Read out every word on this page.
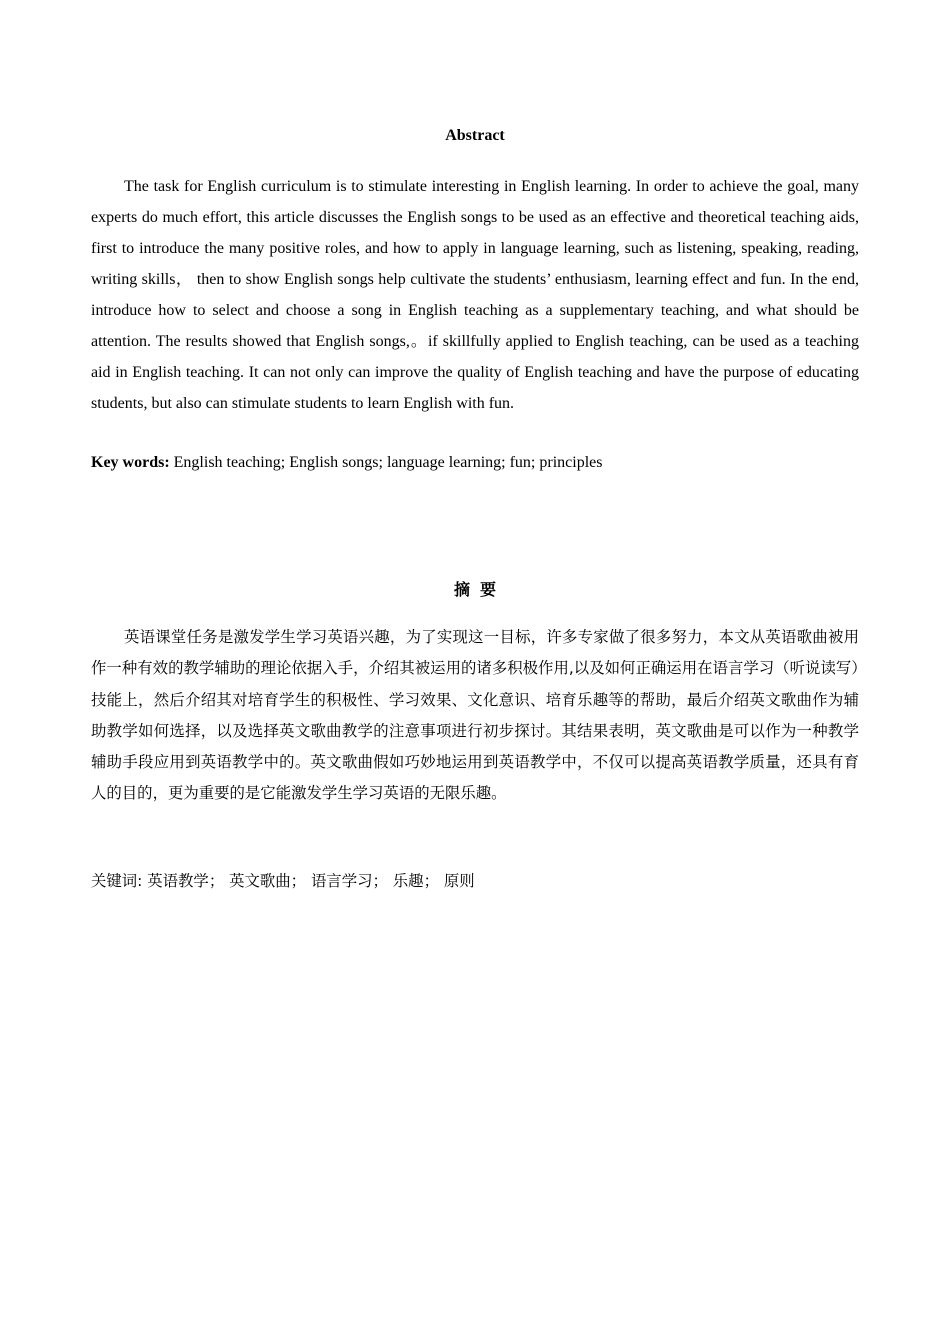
Abstract

The task for English curriculum is to stimulate interesting in English learning. In order to achieve the goal, many experts do much effort, this article discusses the English songs to be used as an effective and theoretical teaching aids, first to introduce the many positive roles, and how to apply in language learning, such as listening, speaking, reading, writing skills， then to show English songs help cultivate the students’ enthusiasm, learning effect and fun. In the end, introduce how to select and choose a song in English teaching as a supplementary teaching, and what should be attention. The results showed that English songs,。if skillfully applied to English teaching, can be used as a teaching aid in English teaching. It can not only can improve the quality of English teaching and have the purpose of educating students, but also can stimulate students to learn English with fun.

Key words: English teaching; English songs; language learning; fun; principles

摘要

英语课堂任务是激发学生学习英语兴趣，为了实现这一目标，许多专家做了很多努力，本文从英语歌曲被用作一种有效的教学辅助的理论依据入手，介绍其被运用的诸多积极作用,以及如何正确运用在语言学习（听说读写）技能上，然后介绍其对培育学生的积极性、学习效果、文化意识、培育乐趣等的帮助，最后介绍英文歌曲作为辅助教学如何选择，以及选择英文歌曲教学的注意事项进行初步探讨。其结果表明，英文歌曲是可以作为一种教学辅助手段应用到英语教学中的。英文歌曲假如巧妙地运用到英语教学中，不仅可以提高英语教学质量，还具有育人的目的，更为重要的是它能激发学生学习英语的无限乐趣。

关键词: 英语教学； 英文歌曲； 语言学习； 乐趣； 原则
